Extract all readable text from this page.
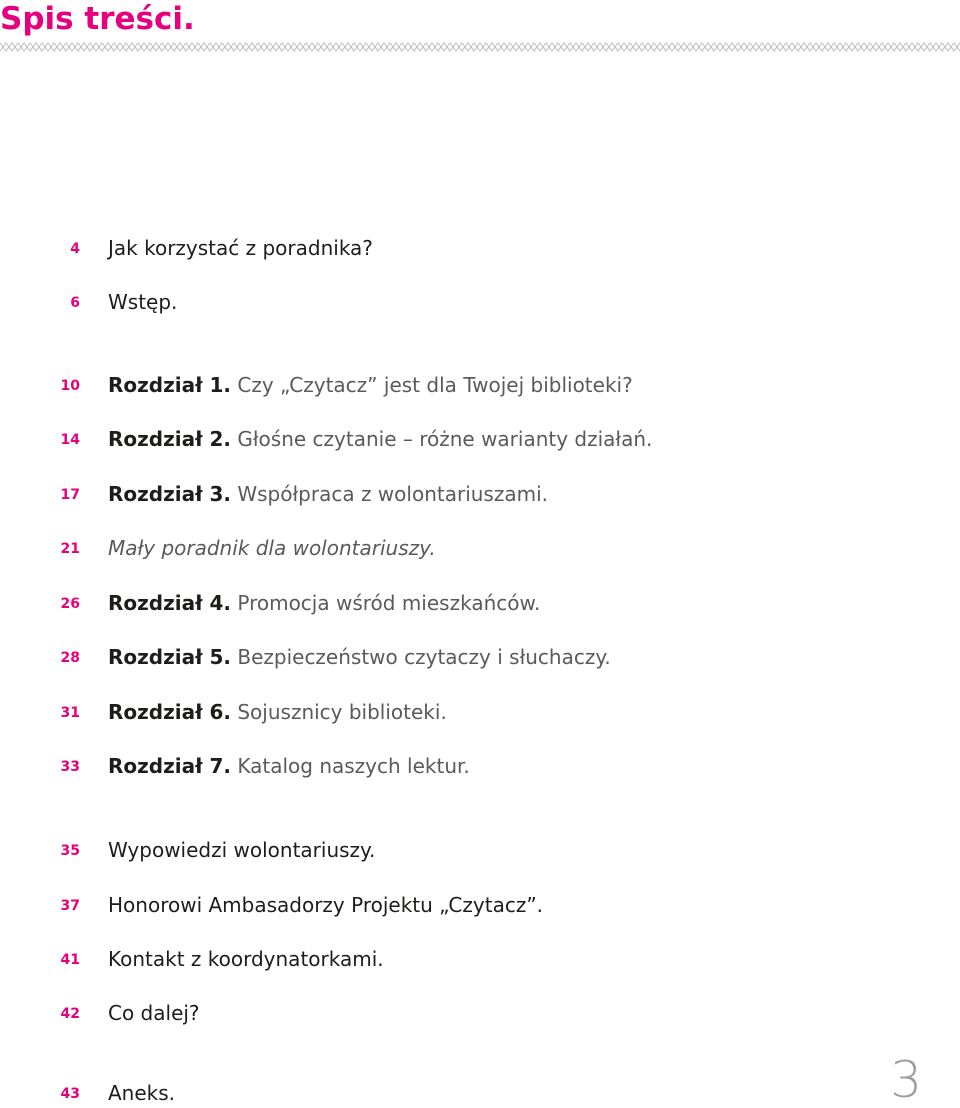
Spis treści.
4 Jak korzystać z poradnika?
6 Wstęp.
10 Rozdział 1. Czy „Czytacz” jest dla Twojej biblioteki?
14 Rozdział 2. Głośne czytanie – różne warianty działań.
17 Rozdział 3. Współpraca z wolontariuszami.
21 Mały poradnik dla wolontariuszy.
26 Rozdział 4. Promocja wśród mieszkańców.
28 Rozdział 5. Bezpieczeństwo czytaczy i słuchaczy.
31 Rozdział 6. Sojusznicy biblioteki.
33 Rozdział 7. Katalog naszych lektur.
35 Wypowiedzi wolontariuszy.
37 Honorowi Ambasadorzy Projektu „Czytacz”.
41 Kontakt z koordynatorkami.
42 Co dalej?
43 Aneks.	3
